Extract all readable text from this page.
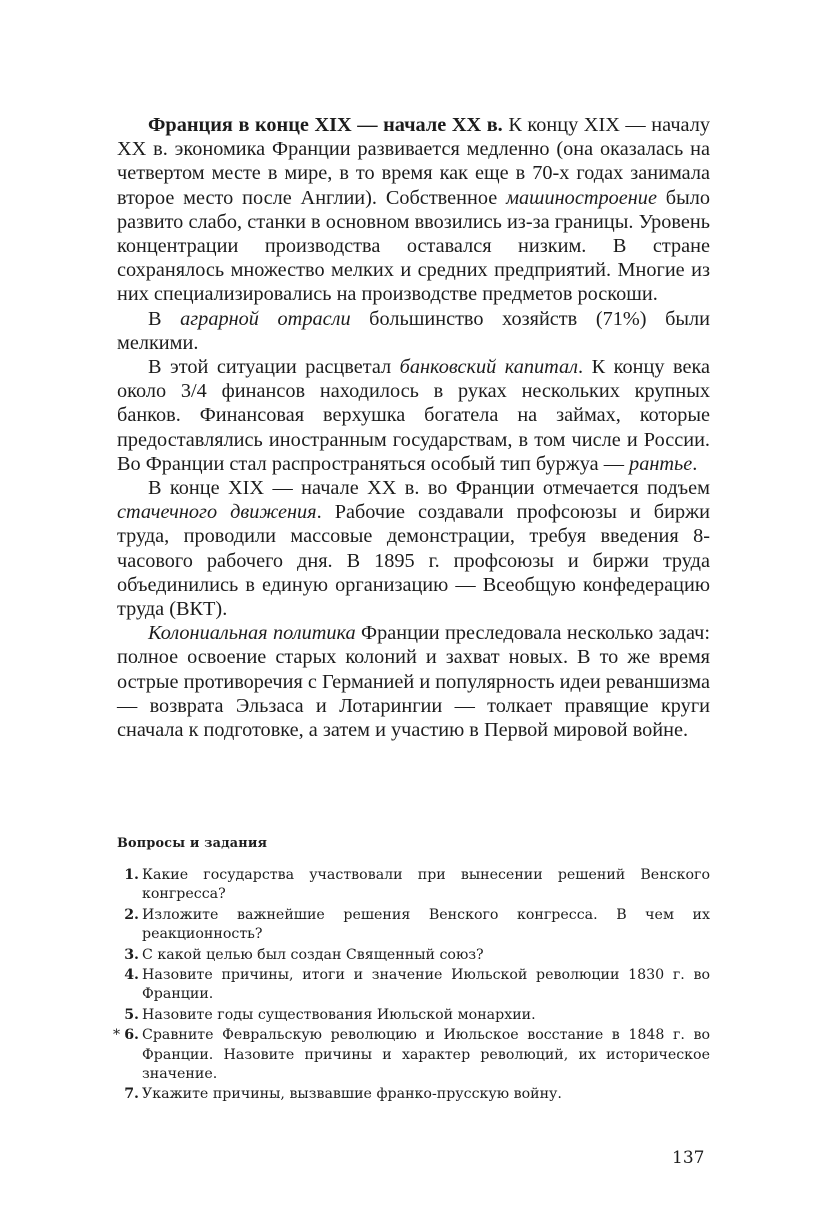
Франция в конце XIX — начале XX в. К концу XIX — началу XX в. экономика Франции развивается медленно (она оказалась на четвертом месте в мире, в то время как еще в 70-х годах занимала второе место после Англии). Собственное машиностроение было развито слабо, станки в основном ввозились из-за границы. Уровень концентрации производства оставался низким. В стране сохранялось множество мелких и средних предприятий. Многие из них специализировались на производстве предметов роскоши.

В аграрной отрасли большинство хозяйств (71%) были мелкими.

В этой ситуации расцветал банковский капитал. К концу века около 3/4 финансов находилось в руках нескольких крупных банков. Финансовая верхушка богатела на займах, которые предоставлялись иностранным государствам, в том числе и России. Во Франции стал распространяться особый тип буржуа — рантье.

В конце XIX — начале XX в. во Франции отмечается подъем стачечного движения. Рабочие создавали профсоюзы и биржи труда, проводили массовые демонстрации, требуя введения 8-часового рабочего дня. В 1895 г. профсоюзы и биржи труда объединились в единую организацию — Всеобщую конфедерацию труда (ВКТ).

Колониальная политика Франции преследовала несколько задач: полное освоение старых колоний и захват новых. В то же время острые противоречия с Германией и популярность идеи реваншизма — возврата Эльзаса и Лотарингии — толкает правящие круги сначала к подготовке, а затем и участию в Первой мировой войне.

Вопросы и задания
1. Какие государства участвовали при вынесении решений Венского конгресса?
2. Изложите важнейшие решения Венского конгресса. В чем их реакционность?
3. С какой целью был создан Священный союз?
4. Назовите причины, итоги и значение Июльской революции 1830 г. во Франции.
5. Назовите годы существования Июльской монархии.
* 6. Сравните Февральскую революцию и Июльское восстание в 1848 г. во Франции. Назовите причины и характер революций, их историческое значение.
7. Укажите причины, вызвавшие франко-прусскую войну.
137
